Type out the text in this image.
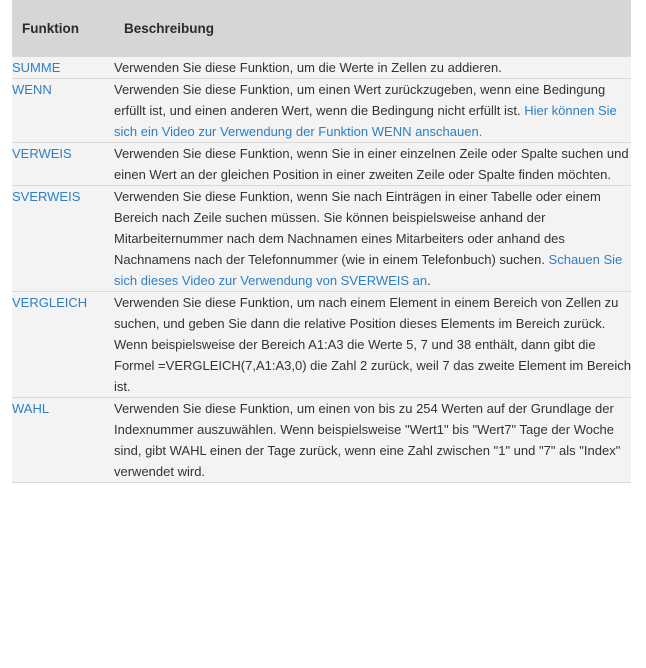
Funktion	Beschreibung

SUMME	Verwenden Sie diese Funktion, um die Werte in Zellen zu addieren.
WENN	Verwenden Sie diese Funktion, um einen Wert zurückzugeben, wenn eine Bedingung erfüllt ist, und einen anderen Wert, wenn die Bedingung nicht erfüllt ist. Hier können Sie sich ein Video zur Verwendung der Funktion WENN anschauen.
VERWEIS	Verwenden Sie diese Funktion, wenn Sie in einer einzelnen Zeile oder Spalte suchen und einen Wert an der gleichen Position in einer zweiten Zeile oder Spalte finden möchten.
SVERWEIS	Verwenden Sie diese Funktion, wenn Sie nach Einträgen in einer Tabelle oder einem Bereich nach Zeile suchen müssen. Sie können beispielsweise anhand der Mitarbeiternummer nach dem Nachnamen eines Mitarbeiters oder anhand des Nachnamens nach der Telefonnummer (wie in einem Telefonbuch) suchen. Schauen Sie sich dieses Video zur Verwendung von SVERWEIS an.
VERGLEICH	Verwenden Sie diese Funktion, um nach einem Element in einem Bereich von Zellen zu suchen, und geben Sie dann die relative Position dieses Elements im Bereich zurück. Wenn beispielsweise der Bereich A1:A3 die Werte 5, 7 und 38 enthält, dann gibt die Formel =VERGLEICH(7,A1:A3,0) die Zahl 2 zurück, weil 7 das zweite Element im Bereich ist.
WAHL	Verwenden Sie diese Funktion, um einen von bis zu 254 Werten auf der Grundlage der Indexnummer auszuwählen. Wenn beispielsweise "Wert1" bis "Wert7" Tage der Woche sind, gibt WAHL einen der Tage zurück, wenn eine Zahl zwischen "1" und "7" als "Index" verwendet wird.
